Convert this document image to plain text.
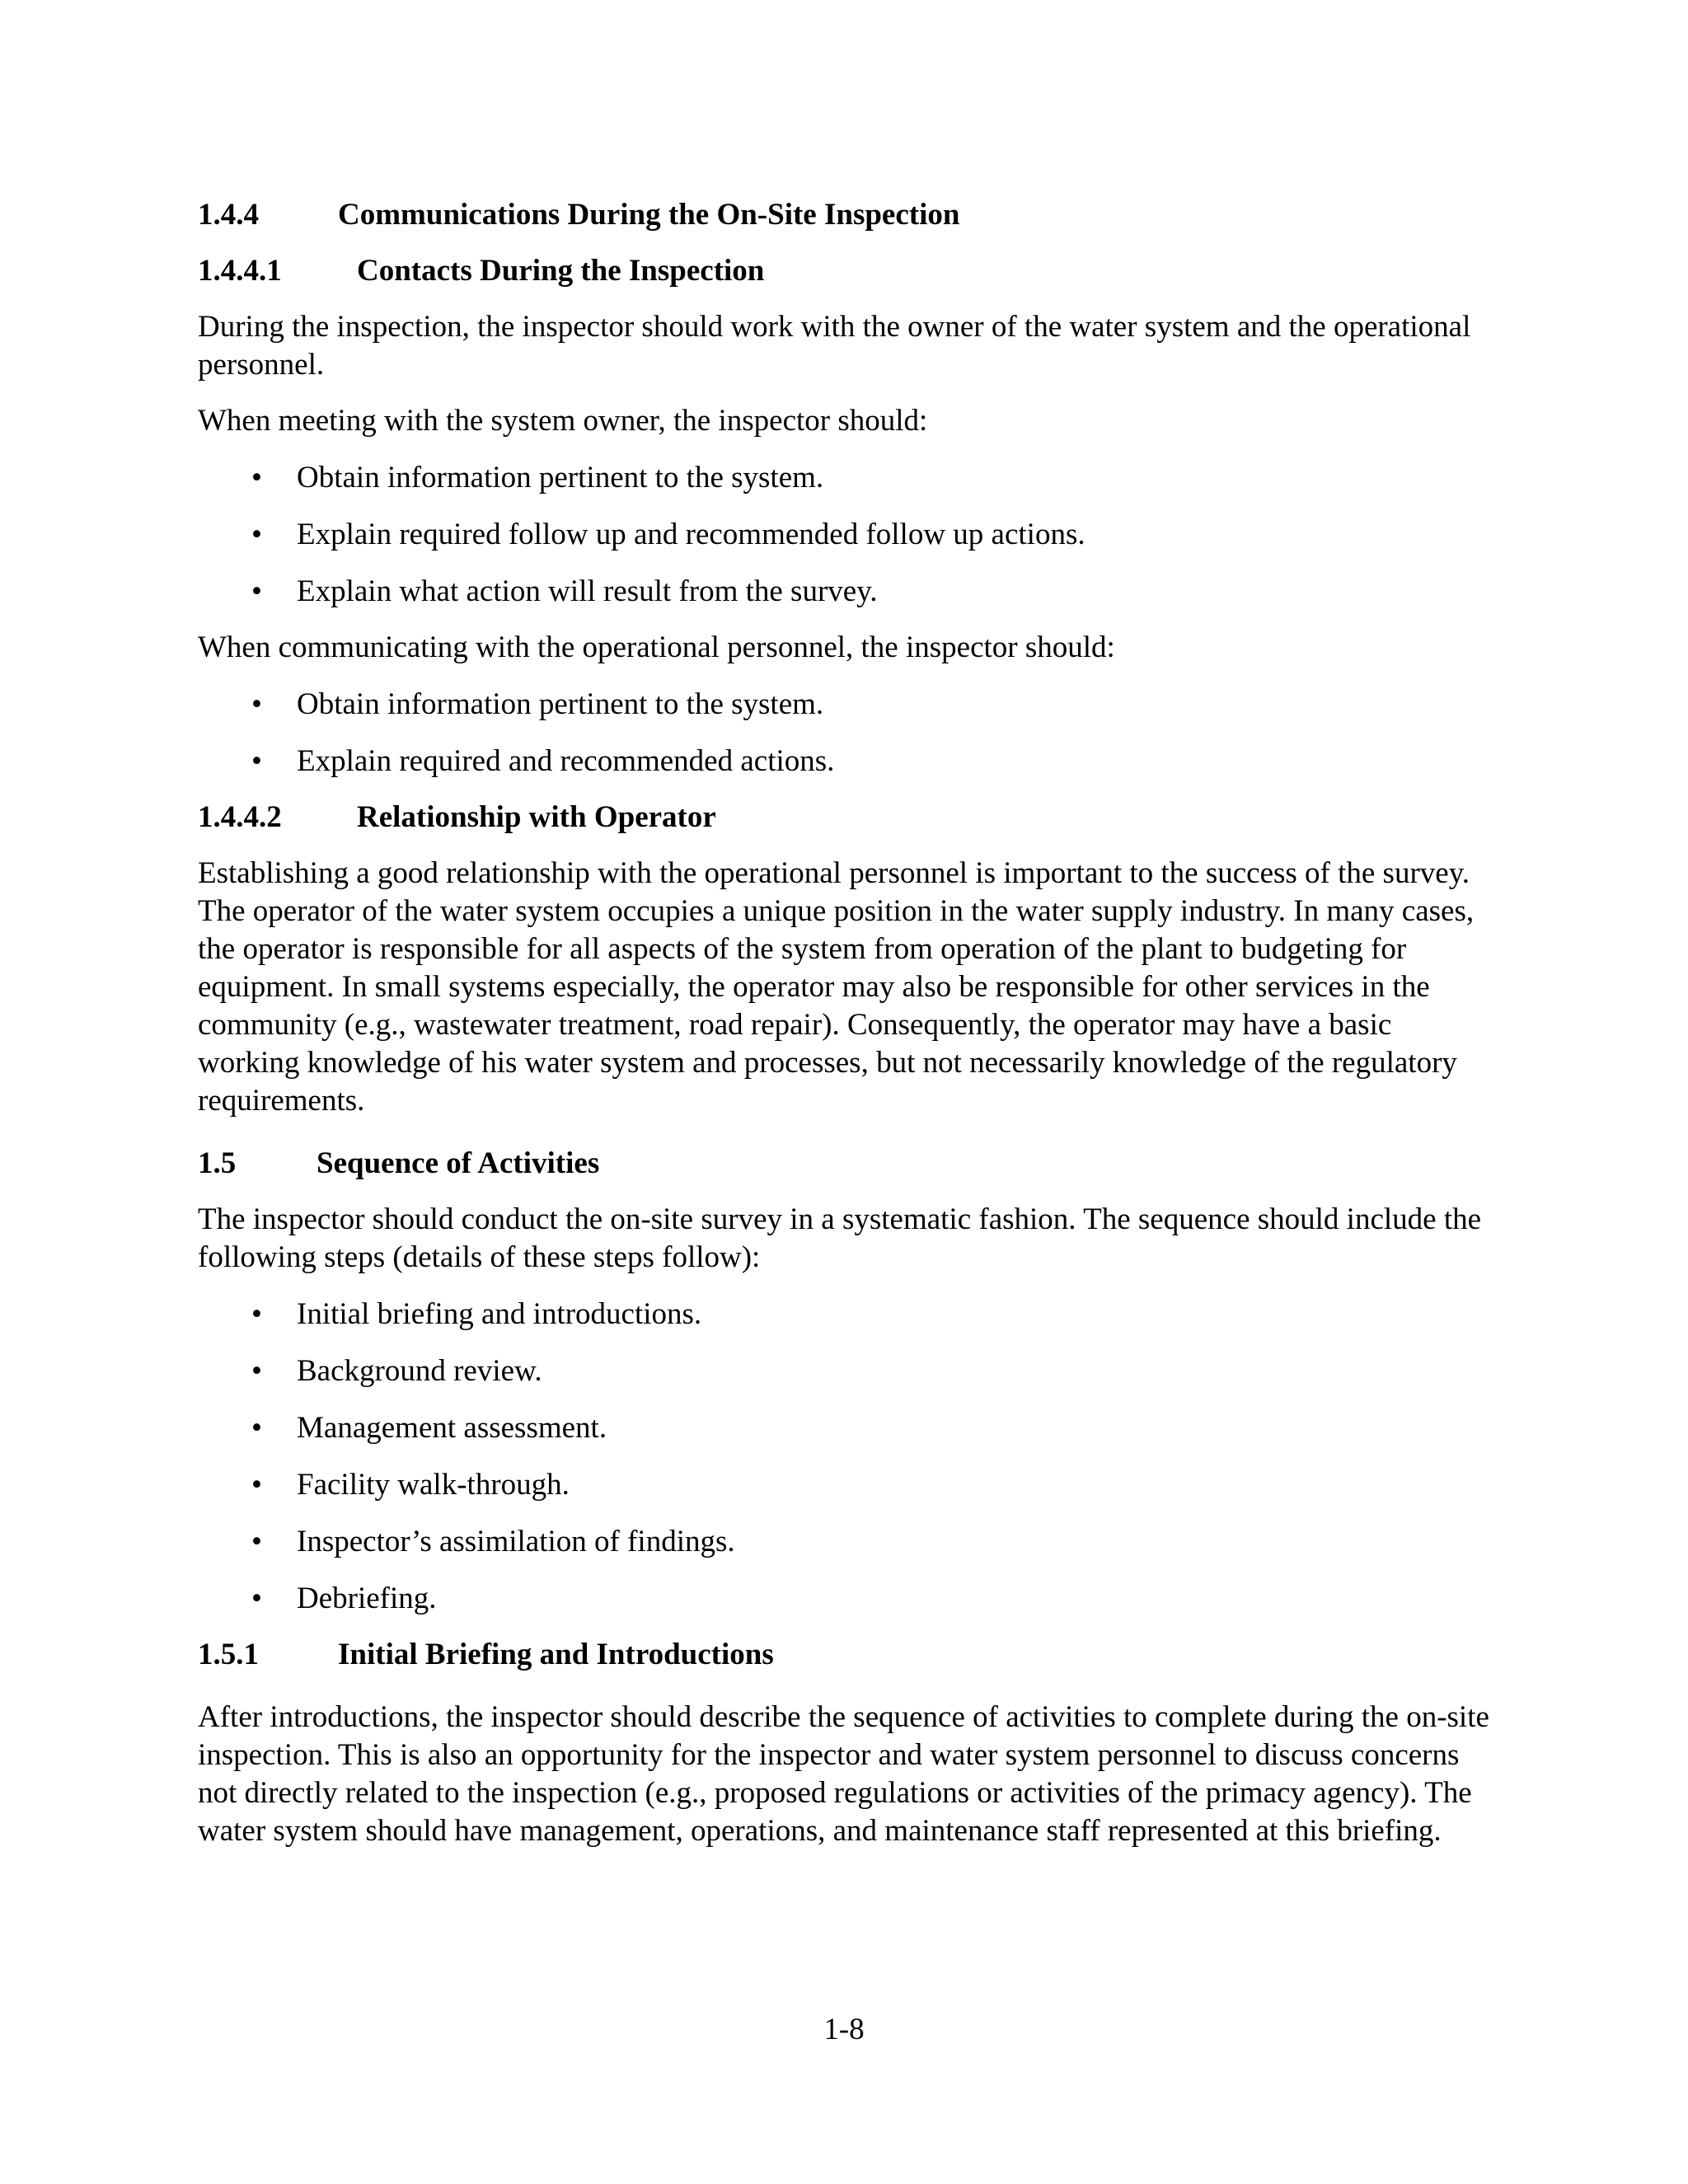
1.4.4	Communications During the On-Site Inspection
1.4.4.1	Contacts During the Inspection

During the inspection, the inspector should work with the owner of the water system and the operational personnel.

When meeting with the system owner, the inspector should:

• Obtain information pertinent to the system.
• Explain required follow up and recommended follow up actions.
• Explain what action will result from the survey.

When communicating with the operational personnel, the inspector should:

• Obtain information pertinent to the system.
• Explain required and recommended actions.
1.4.4.2	Relationship with Operator

Establishing a good relationship with the operational personnel is important to the success of the survey. The operator of the water system occupies a unique position in the water supply industry. In many cases, the operator is responsible for all aspects of the system from operation of the plant to budgeting for equipment. In small systems especially, the operator may also be responsible for other services in the community (e.g., wastewater treatment, road repair). Consequently, the operator may have a basic working knowledge of his water system and processes, but not necessarily knowledge of the regulatory requirements.

1.5	Sequence of Activities

The inspector should conduct the on-site survey in a systematic fashion. The sequence should include the following steps (details of these steps follow):

• Initial briefing and introductions.
• Background review.
• Management assessment.
• Facility walk-through.
• Inspector’s assimilation of findings.
• Debriefing.
1.5.1	Initial Briefing and Introductions

After introductions, the inspector should describe the sequence of activities to complete during the on-site inspection. This is also an opportunity for the inspector and water system personnel to discuss concerns not directly related to the inspection (e.g., proposed regulations or activities of the primacy agency). The water system should have management, operations, and maintenance staff represented at this briefing.

1-8
